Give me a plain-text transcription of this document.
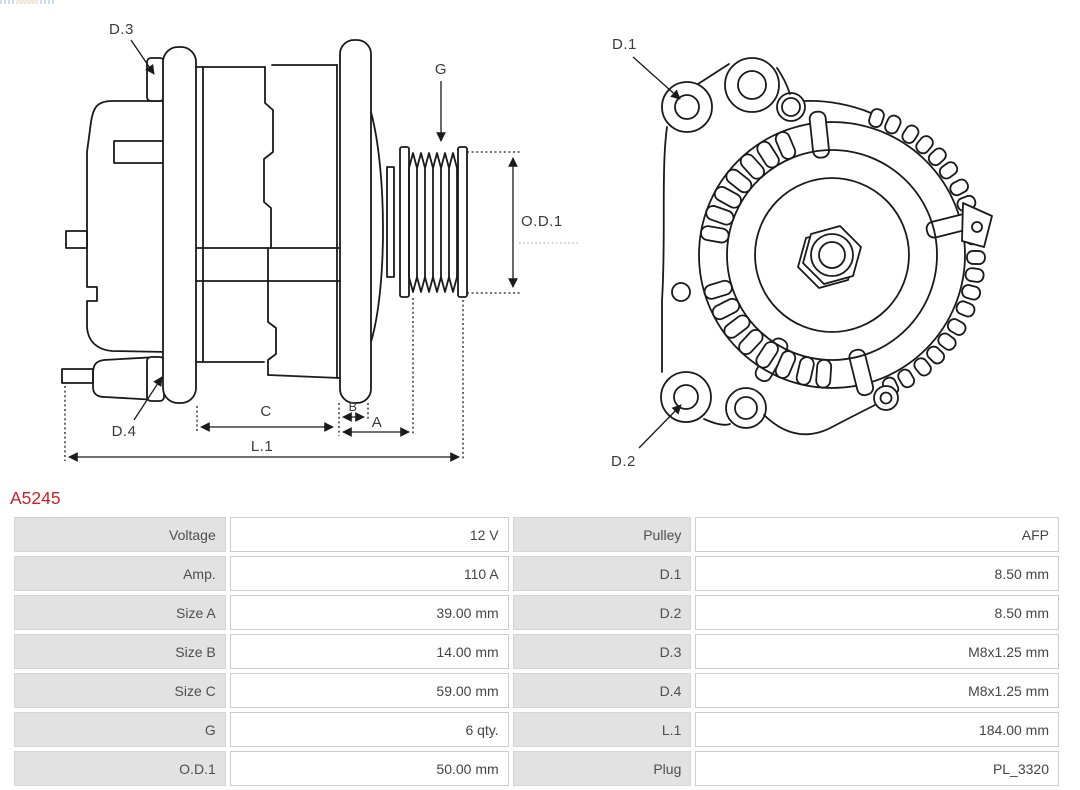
D.3
G
O.D.1
D.4
C	B
A
L.1
D.1
D.2
A5245
Voltage	12 V	Pulley	AFP
Amp.	110 A	D.1	8.50 mm
Size A	39.00 mm	D.2	8.50 mm
Size B	14.00 mm	D.3	M8x1.25 mm
Size C	59.00 mm	D.4	M8x1.25 mm
G	6 qty.	L.1	184.00 mm
O.D.1	50.00 mm	Plug	PL_3320
